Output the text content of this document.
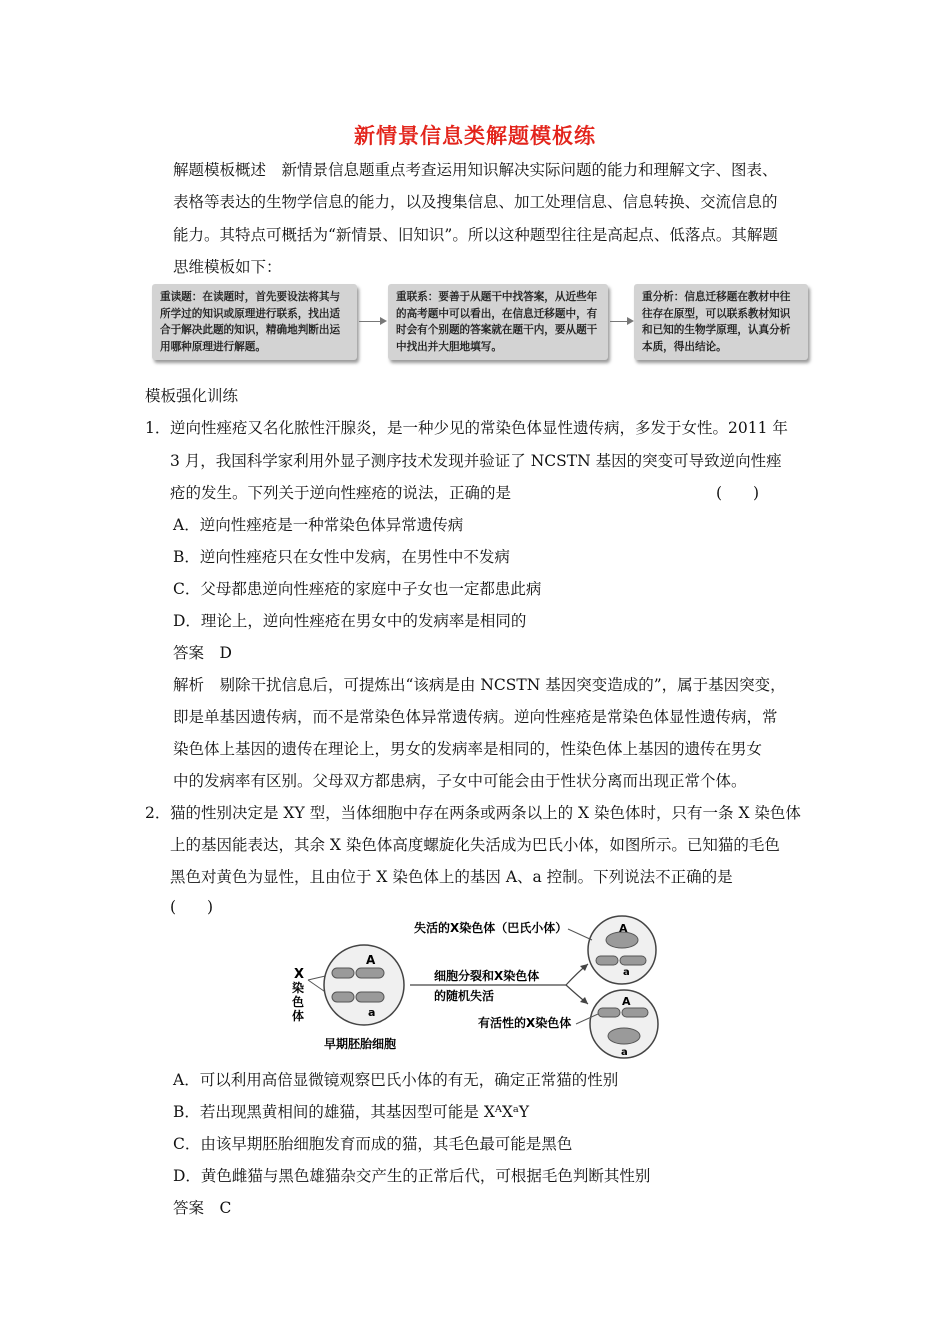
新情景信息类解题模板练

解题模板概述　新情景信息题重点考查运用知识解决实际问题的能力和理解文字、图表、

表格等表达的生物学信息的能力，以及搜集信息、加工处理信息、信息转换、交流信息的

能力。其特点可概括为“新情景、旧知识”。所以这种题型往往是高起点、低落点。其解题

思维模板如下：

重读题：在读题时，首先要设法将其与所学过的知识或原理进行联系，找出适合于解决此题的知识，精确地判断出运用哪种原理进行解题。
重联系：要善于从题干中找答案，从近些年的高考题中可以看出，在信息迁移题中，有时会有个别题的答案就在题干内，要从题干中找出并大胆地填写。
重分析：信息迁移题在教材中往往存在原型，可以联系教材知识和已知的生物学原理，认真分析本质，得出结论。

模板强化训练

1． 逆向性痤疮又名化脓性汗腺炎，是一种少见的常染色体显性遗传病，多发于女性。2011 年

3 月，我国科学家利用外显子测序技术发现并验证了 NCSTN 基因的突变可导致逆向性痤

疮的发生。下列关于逆向性痤疮的说法，正确的是	(　　)

A．逆向性痤疮是一种常染色体异常遗传病

B．逆向性痤疮只在女性中发病，在男性中不发病

C．父母都患逆向性痤疮的家庭中子女也一定都患此病

D．理论上，逆向性痤疮在男女中的发病率是相同的

答案　D

解析　剔除干扰信息后，可提炼出“该病是由 NCSTN 基因突变造成的”，属于基因突变，

即是单基因遗传病，而不是常染色体异常遗传病。逆向性痤疮是常染色体显性遗传病，常

染色体上基因的遗传在理论上，男女的发病率是相同的，性染色体上基因的遗传在男女

中的发病率有区别。父母双方都患病，子女中可能会由于性状分离而出现正常个体。

2． 猫的性别决定是 XY 型，当体细胞中存在两条或两条以上的 X 染色体时，只有一条 X 染色体

上的基因能表达，其余 X 染色体高度螺旋化失活成为巴氏小体，如图所示。已知猫的毛色

黑色对黄色为显性，且由位于 X 染色体上的基因 A、a 控制。下列说法不正确的是

(　　)

X
染色体
A
a
早期胚胎细胞
细胞分裂和X染色体
的随机失活
A
a
失活的X染色体（巴氏小体）
A
a
有活性的X染色体

A．可以利用高倍显微镜观察巴氏小体的有无，确定正常猫的性别

B．若出现黑黄相间的雄猫，其基因型可能是 XᴬXᵃY

C．由该早期胚胎细胞发育而成的猫，其毛色最可能是黑色

D．黄色雌猫与黑色雄猫杂交产生的正常后代，可根据毛色判断其性别

答案　C
